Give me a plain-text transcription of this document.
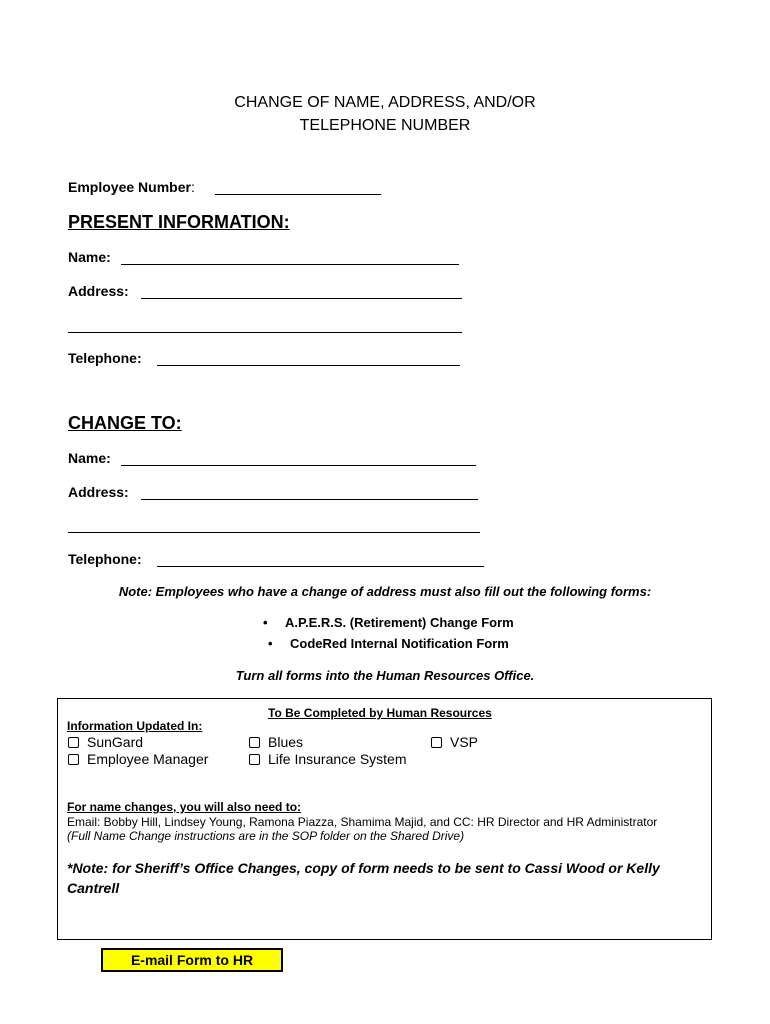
CHANGE OF NAME, ADDRESS, AND/OR
TELEPHONE NUMBER
Employee Number:
PRESENT INFORMATION:
Name:
Address:
Telephone:
CHANGE TO:
Name:
Address:
Telephone:
Note: Employees who have a change of address must also fill out the following forms:
• A.P.E.R.S. (Retirement) Change Form
• CodeRed Internal Notification Form
Turn all forms into the Human Resources Office.
To Be Completed by Human Resources
Information Updated In:
SunGard
Employee Manager
Blues
Life Insurance System
VSP
For name changes, you will also need to:
Email: Bobby Hill, Lindsey Young, Ramona Piazza, Shamima Majid, and CC: HR Director and HR Administrator
(Full Name Change instructions are in the SOP folder on the Shared Drive)
*Note: for Sheriff’s Office Changes, copy of form needs to be sent to Cassi Wood or Kelly Cantrell
E-mail Form to HR
